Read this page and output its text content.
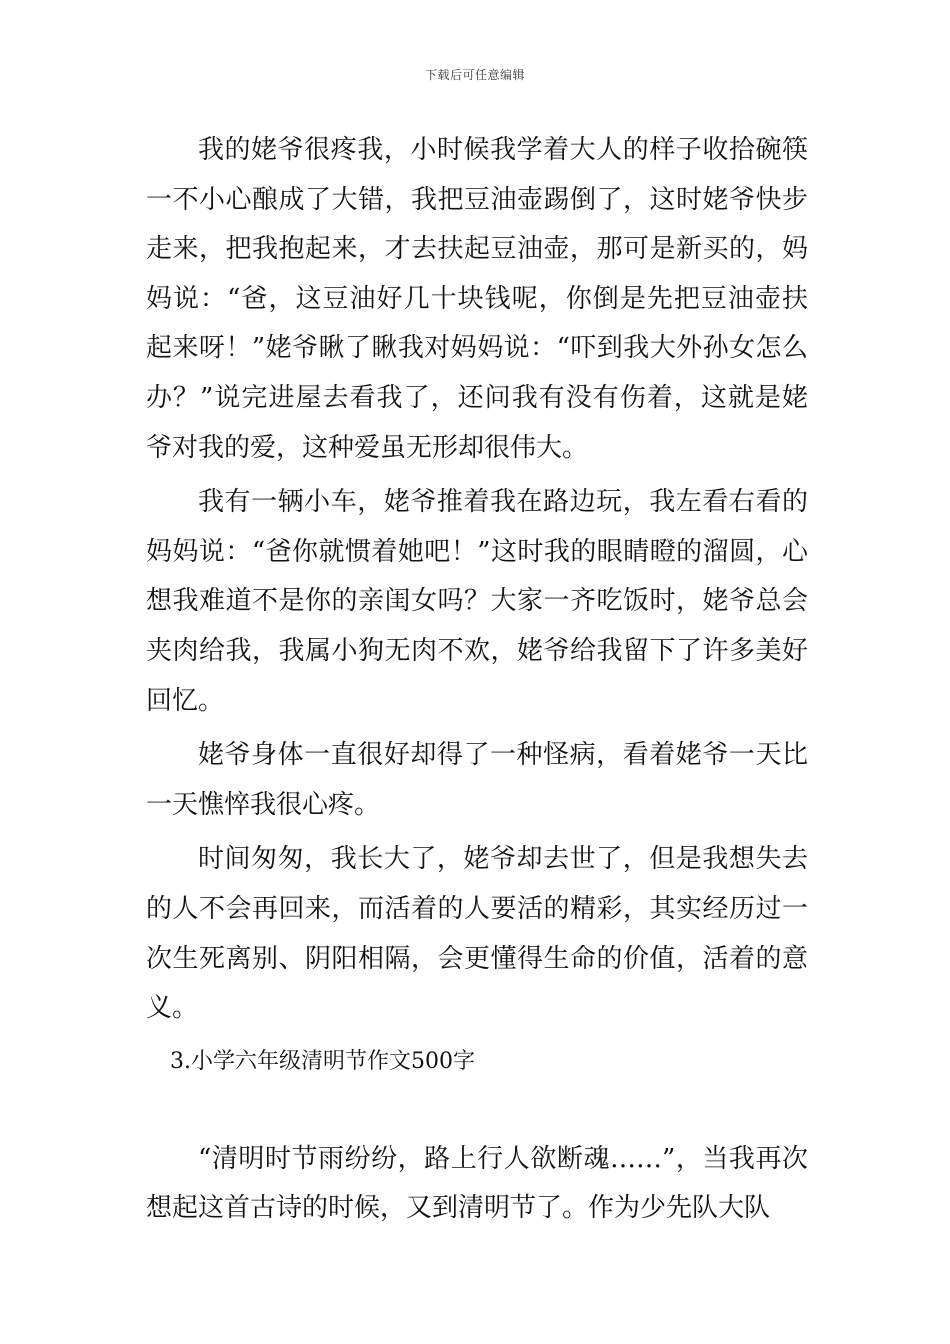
下载后可任意编辑

我的姥爷很疼我，小时候我学着大人的样子收拾碗筷一不小心酿成了大错，我把豆油壶踢倒了，这时姥爷快步走来，把我抱起来，才去扶起豆油壶，那可是新买的，妈妈说：“爸，这豆油好几十块钱呢，你倒是先把豆油壶扶起来呀！”姥爷瞅了瞅我对妈妈说：“吓到我大外孙女怎么办？”说完进屋去看我了，还问我有没有伤着，这就是姥爷对我的爱，这种爱虽无形却很伟大。

我有一辆小车，姥爷推着我在路边玩，我左看右看的妈妈说：“爸你就惯着她吧！”这时我的眼睛瞪的溜圆，心想我难道不是你的亲闺女吗？大家一齐吃饭时，姥爷总会夹肉给我，我属小狗无肉不欢，姥爷给我留下了许多美好回忆。

姥爷身体一直很好却得了一种怪病，看着姥爷一天比一天憔悴我很心疼。

时间匆匆，我长大了，姥爷却去世了，但是我想失去的人不会再回来，而活着的人要活的精彩，其实经历过一次生死离别、阴阳相隔，会更懂得生命的价值，活着的意义。

3.小学六年级清明节作文500字

“清明时节雨纷纷，路上行人欲断魂……”，当我再次想起这首古诗的时候，又到清明节了。作为少先队大队
